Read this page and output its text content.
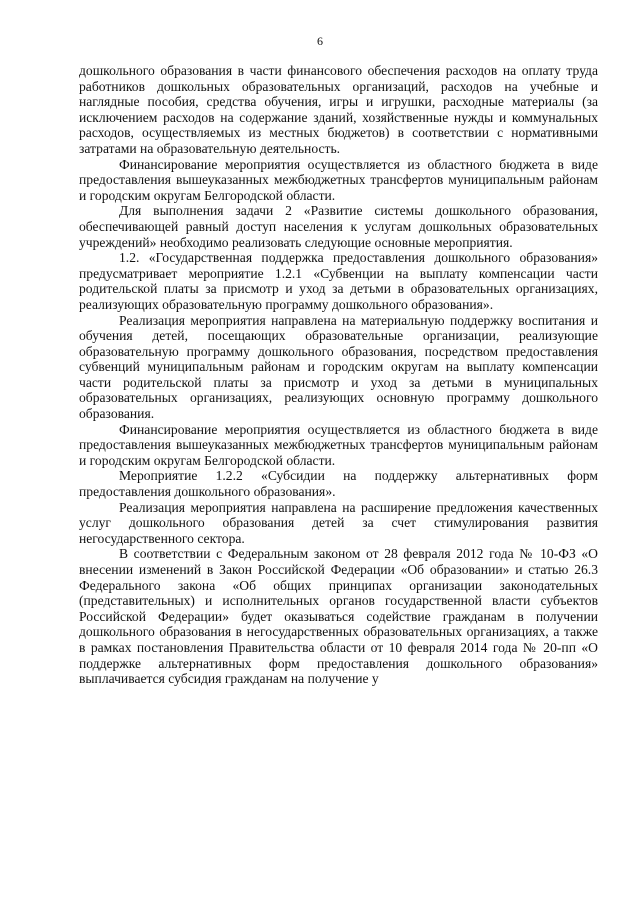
6

дошкольного образования в части финансового обеспечения расходов на оплату труда работников дошкольных образовательных организаций, расходов на учебные и наглядные пособия, средства обучения, игры и игрушки, расходные материалы (за исключением расходов на содержание зданий, хозяйственные нужды и коммунальных расходов, осуществляемых из местных бюджетов) в соответствии с нормативными затратами на образовательную деятельность.

Финансирование мероприятия осуществляется из областного бюджета в виде предоставления вышеуказанных межбюджетных трансфертов муниципальным районам и городским округам Белгородской области.

Для выполнения задачи 2 «Развитие системы дошкольного образования, обеспечивающей равный доступ населения к услугам дошкольных образовательных учреждений» необходимо реализовать следующие основные мероприятия.

1.2. «Государственная поддержка предоставления дошкольного образования» предусматривает мероприятие 1.2.1 «Субвенции на выплату компенсации части родительской платы за присмотр и уход за детьми в образовательных организациях, реализующих образовательную программу дошкольного образования».

Реализация мероприятия направлена на материальную поддержку воспитания и обучения детей, посещающих образовательные организации, реализующие образовательную программу дошкольного образования, посредством предоставления субвенций муниципальным районам и городским округам на выплату компенсации части родительской платы за присмотр и уход за детьми в муниципальных образовательных организациях, реализующих основную программу дошкольного образования.

Финансирование мероприятия осуществляется из областного бюджета в виде предоставления вышеуказанных межбюджетных трансфертов муниципальным районам и городским округам Белгородской области.

Мероприятие 1.2.2 «Субсидии на поддержку альтернативных форм предоставления дошкольного образования».

Реализация мероприятия направлена на расширение предложения качественных услуг дошкольного образования детей за счет стимулирования развития негосударственного сектора.

В соответствии с Федеральным законом от 28 февраля 2012 года № 10-ФЗ «О внесении изменений в Закон Российской Федерации «Об образовании» и статью 26.3 Федерального закона «Об общих принципах организации законодательных (представительных) и исполнительных органов государственной власти субъектов Российской Федерации» будет оказываться содействие гражданам в получении дошкольного образования в негосударственных образовательных организациях, а также в рамках постановления Правительства области от 10 февраля 2014 года № 20-пп «О поддержке альтернативных форм предоставления дошкольного образования» выплачивается субсидия гражданам на получение у
